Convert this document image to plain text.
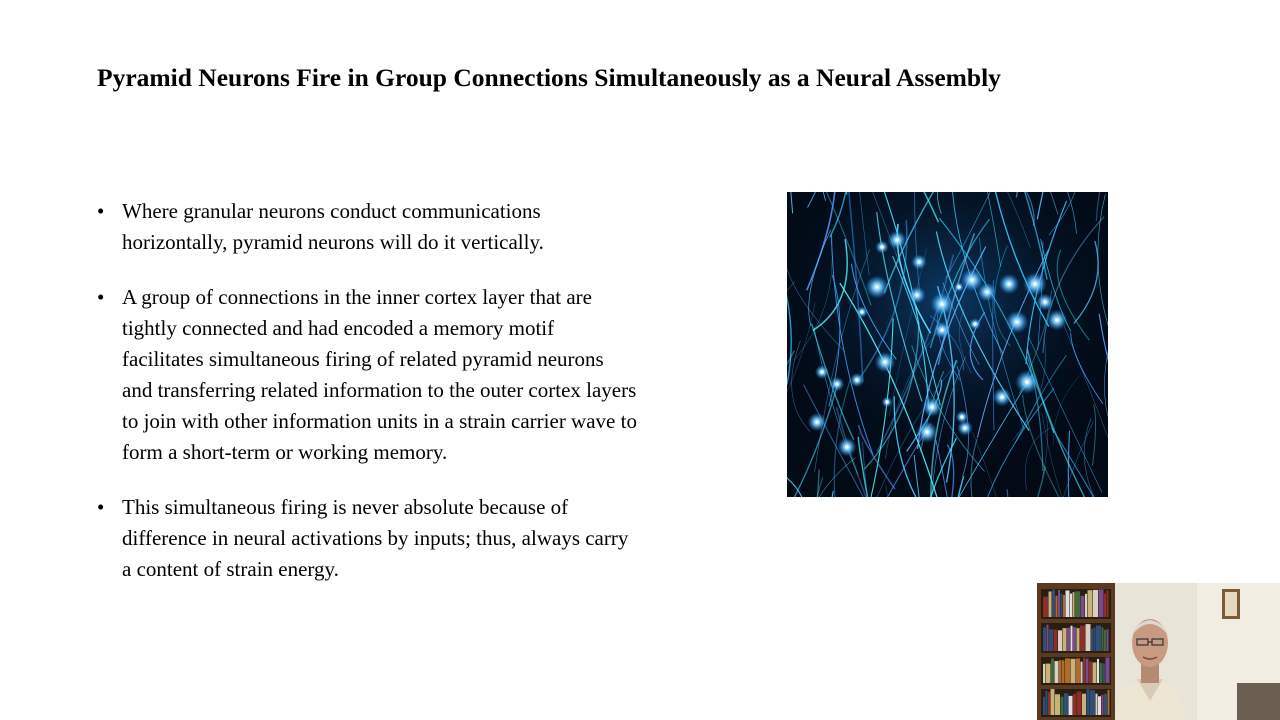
Pyramid Neurons Fire in Group Connections Simultaneously as a Neural Assembly
• Where granular neurons conduct communications horizontally, pyramid neurons will do it vertically.
• A group of connections in the inner cortex layer that are tightly connected and had encoded a memory motif facilitates simultaneous firing of related pyramid neurons and transferring related information to the outer cortex layers to join with other information units in a strain carrier wave to form a short-term or working memory.
• This simultaneous firing is never absolute because of difference in neural activations by inputs; thus, always carry a content of strain energy.
